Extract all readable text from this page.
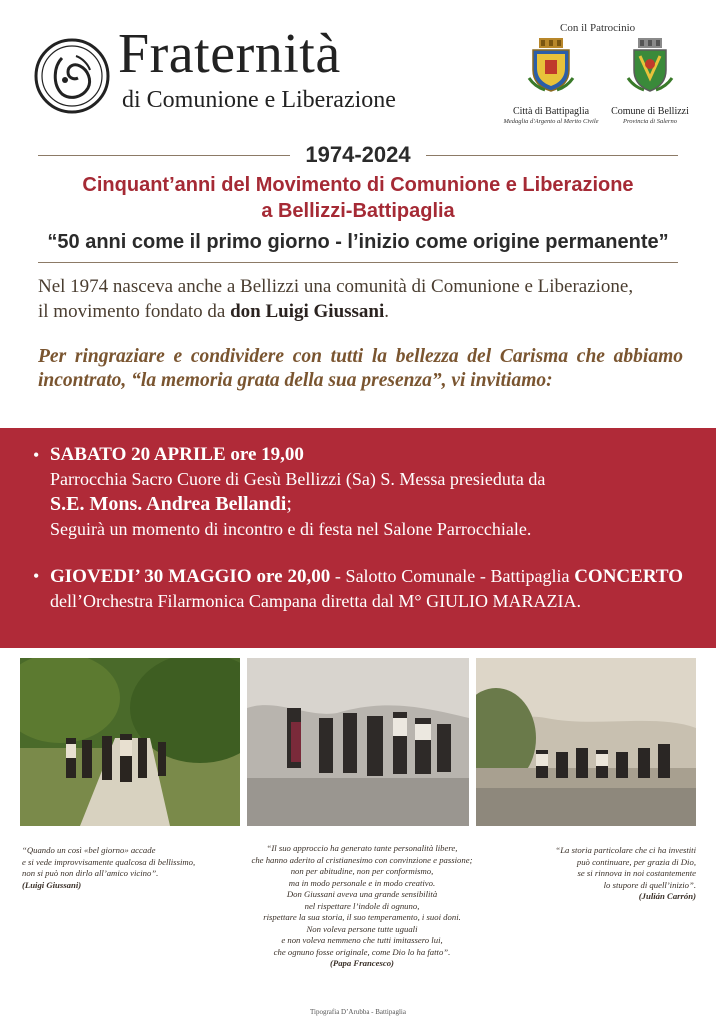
Fraternità
di Comunione e Liberazione
Con il Patrocinio
Città di Battipaglia
Medaglia d'Argento al Merito Civile
Comune di Bellizzi
Provincia di Salerno
1974-2024
Cinquant’anni del Movimento di Comunione e Liberazione
a Bellizzi-Battipaglia
“50 anni come il primo giorno - l’inizio come origine permanente”
Nel 1974 nasceva anche a Bellizzi una comunità di Comunione e Liberazione,
il movimento fondato da don Luigi Giussani.
Per ringraziare e condividere con tutti la bellezza del Carisma che abbiamo incontrato, “la memoria grata della sua presenza”, vi invitiamo:
• SABATO 20 APRILE ore 19,00
Parrocchia Sacro Cuore di Gesù Bellizzi (Sa) S. Messa presieduta da
S.E. Mons. Andrea Bellandi;
Seguirà un momento di incontro e di festa nel Salone Parrocchiale.
• GIOVEDI’ 30 MAGGIO ore 20,00 - Salotto Comunale - Battipaglia CONCERTO dell’Orchestra Filarmonica Campana diretta dal M° GIULIO MARAZIA.
“Quando un così «bel giorno» accade
e si vede improvvisamente qualcosa di bellissimo,
non si può non dirlo all’amico vicino”.
(Luigi Giussani)
“Il suo approccio ha generato tante personalità libere,
che hanno aderito al cristianesimo con convinzione e passione;
non per abitudine, non per conformismo,
ma in modo personale e in modo creativo.
Don Giussani aveva una grande sensibilità
nel rispettare l’indole di ognuno,
rispettare la sua storia, il suo temperamento, i suoi doni.
Non voleva persone tutte uguali
e non voleva nemmeno che tutti imitassero lui,
che ognuno fosse originale, come Dio lo ha fatto”.
(Papa Francesco)
“La storia particolare che ci ha investiti
può continuare, per grazia di Dio,
se si rinnova in noi costantemente
lo stupore di quell’inizio”.
(Julián Carrón)
Tipografia D’Arubba - Battipaglia
